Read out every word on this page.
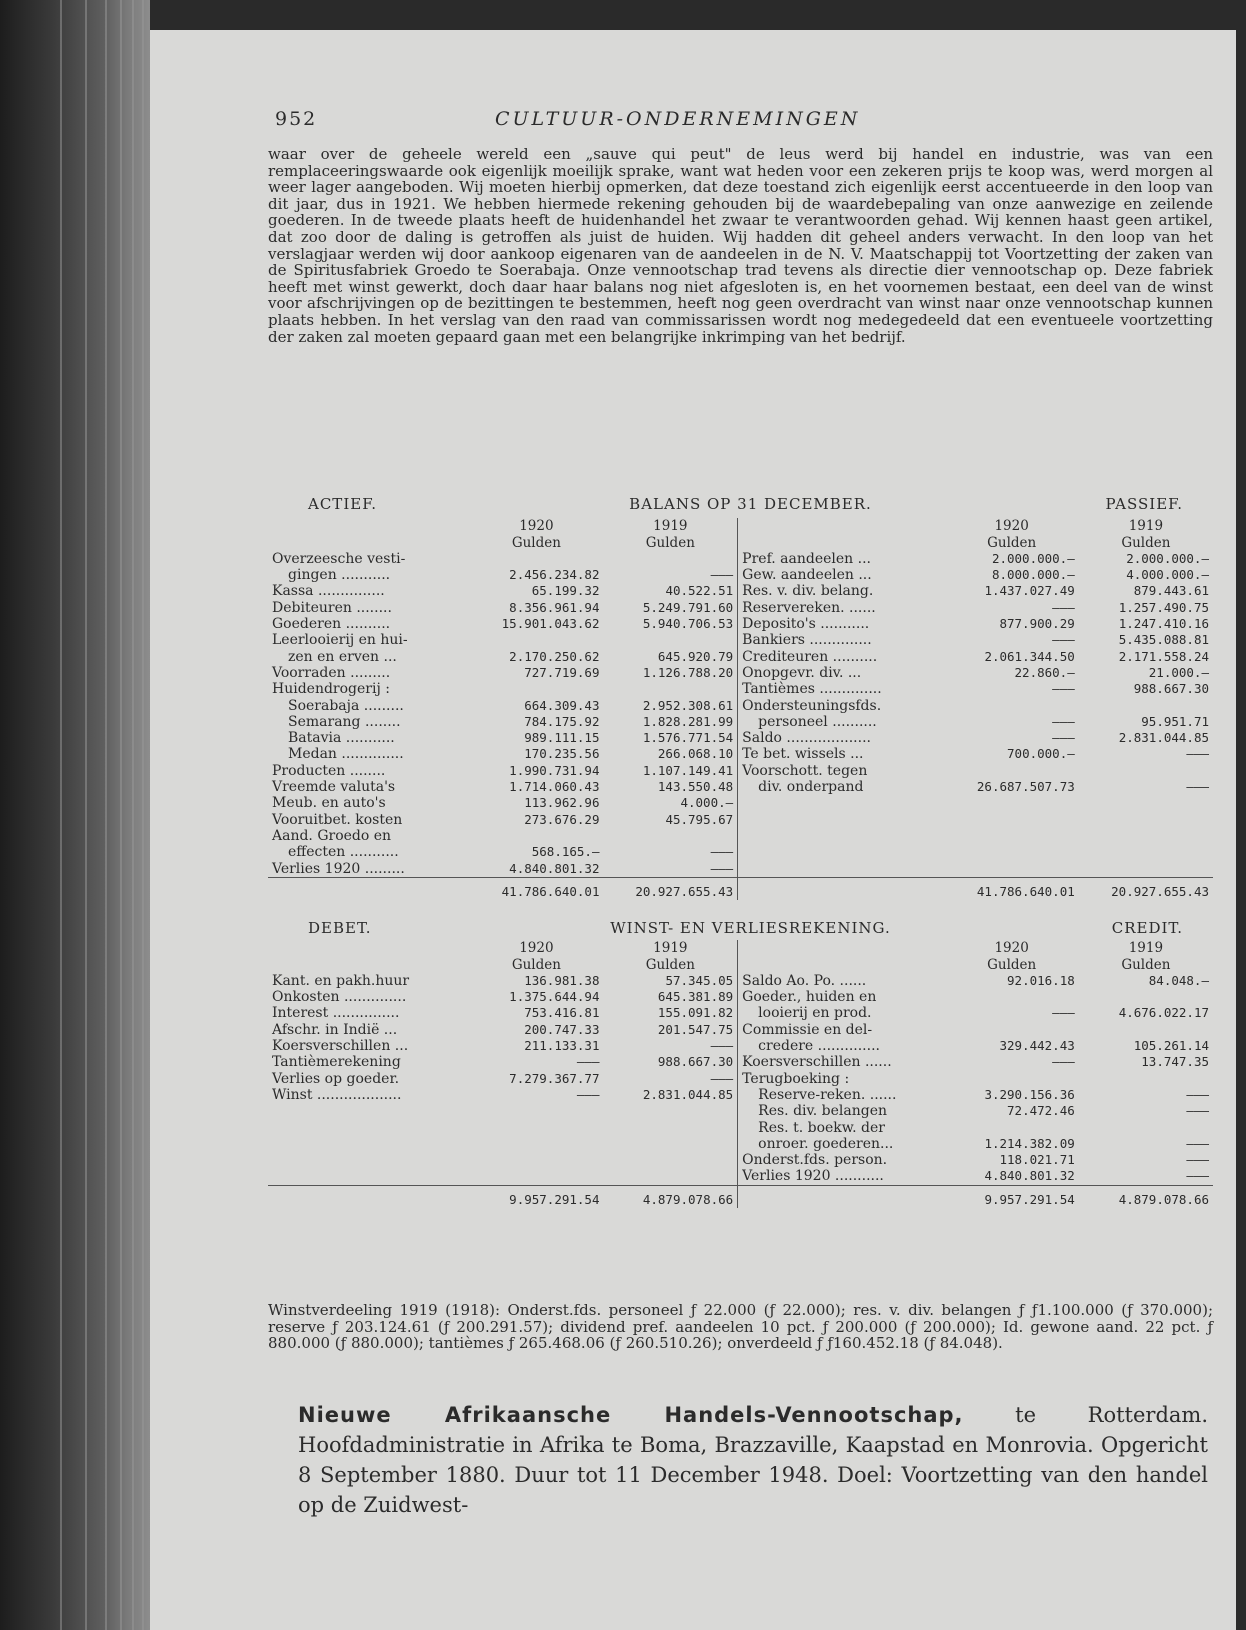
952	CULTUUR-ONDERNEMINGEN

waar over de geheele wereld een „sauve qui peut" de leus werd bij handel en industrie, was van een remplaceeringswaarde ook eigenlijk moeilijk sprake, want wat heden voor een zekeren prijs te koop was, werd morgen al weer lager aangeboden. Wij moeten hierbij opmerken, dat deze toestand zich eigenlijk eerst accentueerde in den loop van dit jaar, dus in 1921. We hebben hiermede rekening gehouden bij de waardebepaling van onze aanwezige en zeilende goederen. In de tweede plaats heeft de huidenhandel het zwaar te verantwoorden gehad. Wij kennen haast geen artikel, dat zoo door de daling is getroffen als juist de huiden. Wij hadden dit geheel anders verwacht. In den loop van het verslagjaar werden wij door aankoop eigenaren van de aandeelen in de N. V. Maatschappij tot Voortzetting der zaken van de Spiritusfabriek Groedo te Soerabaja. Onze vennootschap trad tevens als directie dier vennootschap op. Deze fabriek heeft met winst gewerkt, doch daar haar balans nog niet afgesloten is, en het voornemen bestaat, een deel van de winst voor afschrijvingen op de bezittingen te bestemmen, heeft nog geen overdracht van winst naar onze vennootschap kunnen plaats hebben. In het verslag van den raad van commissarissen wordt nog medegedeeld dat een eventueele voortzetting der zaken zal moeten gepaard gaan met een belangrijke inkrimping van het bedrijf.

ACTIEF.	BALANS OP 31 DECEMBER.	PASSIEF.
	1920	1919		1920	1919
	Gulden	Gulden		Gulden	Gulden
Overzeesche vesti-			Pref. aandeelen ...	2.000.000.—	2.000.000.—
gingen ...........	2.456.234.82	———	Gew. aandeelen ...	8.000.000.—	4.000.000.—
Kassa ...............	65.199.32	40.522.51	Res. v. div. belang.	1.437.027.49	879.443.61
Debiteuren ........	8.356.961.94	5.249.791.60	Reservereken. ......	———	1.257.490.75
Goederen ..........	15.901.043.62	5.940.706.53	Deposito's ...........	877.900.29	1.247.410.16
Leerlooierij en hui-			Bankiers ..............	———	5.435.088.81
zen en erven ...	2.170.250.62	645.920.79	Crediteuren ..........	2.061.344.50	2.171.558.24
Voorraden .........	727.719.69	1.126.788.20	Onopgevr. div. ...	22.860.—	21.000.—
Huidendrogerij :			Tantièmes ..............	———	988.667.30
Soerabaja .........	664.309.43	2.952.308.61	Ondersteuningsfds.		
Semarang ........	784.175.92	1.828.281.99	personeel ..........	———	95.951.71
Batavia ...........	989.111.15	1.576.771.54	Saldo ...................	———	2.831.044.85
Medan ..............	170.235.56	266.068.10	Te bet. wissels ...	700.000.—	———
Producten ........	1.990.731.94	1.107.149.41	Voorschott. tegen		
Vreemde valuta's	1.714.060.43	143.550.48	div. onderpand	26.687.507.73	———
Meub. en auto's	113.962.96	4.000.—			
Vooruitbet. kosten	273.676.29	45.795.67			
Aand. Groedo en					
effecten ...........	568.165.—	———			
Verlies 1920 .........	4.840.801.32	———			
	41.786.640.01	20.927.655.43		41.786.640.01	20.927.655.43
DEBET.	WINST- EN VERLIESREKENING.	CREDIT.
	1920	1919		1920	1919
	Gulden	Gulden		Gulden	Gulden
Kant. en pakh.huur	136.981.38	57.345.05	Saldo Ao. Po. ......	92.016.18	84.048.—
Onkosten ..............	1.375.644.94	645.381.89	Goeder., huiden en		
Interest ...............	753.416.81	155.091.82	looierij en prod.	———	4.676.022.17
Afschr. in Indië ...	200.747.33	201.547.75	Commissie en del-		
Koersverschillen ...	211.133.31	———	credere ..............	329.442.43	105.261.14
Tantièmerekening	———	988.667.30	Koersverschillen ......	———	13.747.35
Verlies op goeder.	7.279.367.77	———	Terugboeking :		
Winst ...................	———	2.831.044.85	Reserve-reken. ......	3.290.156.36	———
			Res. div. belangen	72.472.46	———
			Res. t. boekw. der		
			onroer. goederen...	1.214.382.09	———
			Onderst.fds. person.	118.021.71	———
			Verlies 1920 ...........	4.840.801.32	———
	9.957.291.54	4.879.078.66		9.957.291.54	4.879.078.66
Winstverdeeling 1919 (1918): Onderst.fds. personeel ƒ 22.000 (ƒ 22.000); res. v. div. belangen ƒ ƒ1.100.000 (ƒ 370.000); reserve ƒ 203.124.61 (ƒ 200.291.57); dividend pref. aandeelen 10 pct. ƒ 200.000 (ƒ 200.000); Id. gewone aand. 22 pct. ƒ 880.000 (ƒ 880.000); tantièmes ƒ 265.468.06 (ƒ 260.510.26); onverdeeld ƒ ƒ160.452.18 (ƒ 84.048).
Nieuwe Afrikaansche Handels-Vennootschap, te Rotterdam. Hoofdadministratie in Afrika te Boma, Brazzaville, Kaapstad en Monrovia. Opgericht 8 September 1880. Duur tot 11 December 1948. Doel: Voortzetting van den handel op de Zuidwest-
